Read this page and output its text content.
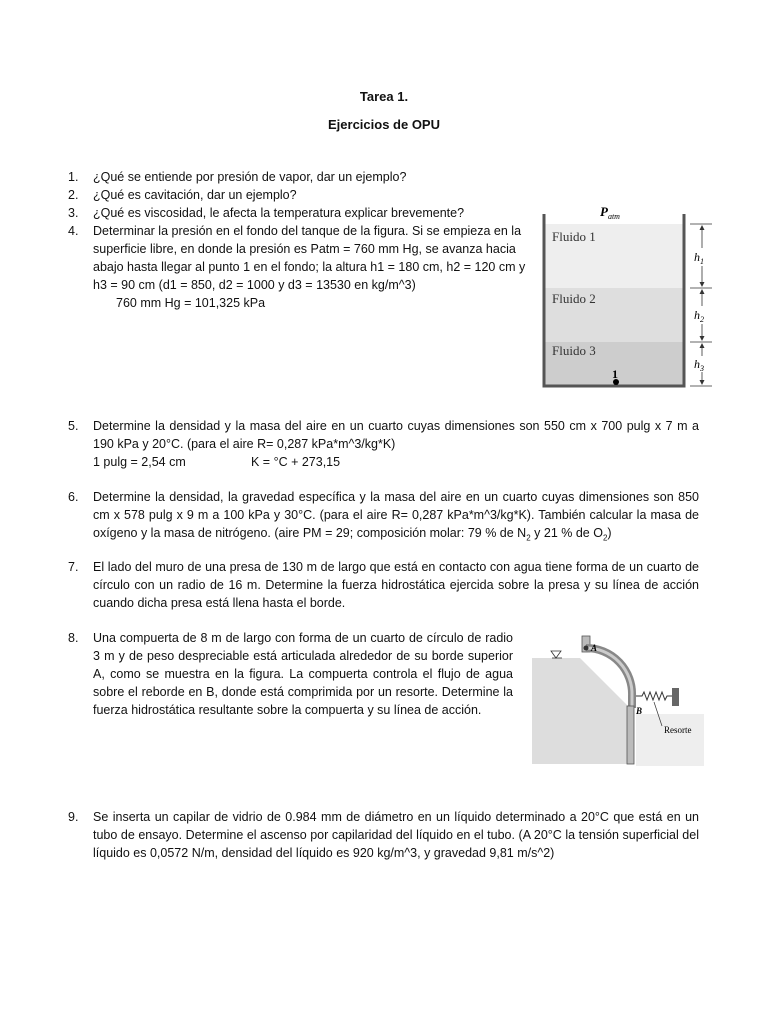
Tarea 1.
Ejercicios de OPU
1. ¿Qué se entiende por presión de vapor, dar un ejemplo?
2. ¿Qué es cavitación, dar un ejemplo?
3. ¿Qué es viscosidad, le afecta la temperatura explicar brevemente?
4. Determinar la presión en el fondo del tanque de la figura. Si se empieza en la superficie libre, en donde la presión es Patm = 760 mm Hg, se avanza hacia abajo hasta llegar al punto 1 en el fondo; la altura h1 = 180 cm, h2 = 120 cm y h3 = 90 cm (d1 = 850, d2 = 1000 y d3 = 13530 en kg/m^3)
760 mm Hg = 101,325 kPa
$P_{atm}$
Fluido 1
Fluido 2
Fluido 3
1
$h_1$
$h_2$
$h_3$
5. Determine la densidad y la masa del aire en un cuarto cuyas dimensiones son 550 cm x 700 pulg x 7 m a 190 kPa y 20°C. (para el aire R= 0,287 kPa*m^3/kg*K)
1 pulg = 2,54 cm	K = °C + 273,15
6. Determine la densidad, la gravedad específica y la masa del aire en un cuarto cuyas dimensiones son 850 cm x 578 pulg x 9 m a 100 kPa y 30°C. (para el aire R= 0,287 kPa*m^3/kg*K). También calcular la masa de oxígeno y la masa de nitrógeno. (aire PM = 29; composición molar: 79 % de $N_2$ y 21 % de $O_2$)
7. El lado del muro de una presa de 130 m de largo que está en contacto con agua tiene forma de un cuarto de círculo con un radio de 16 m. Determine la fuerza hidrostática ejercida sobre la presa y su línea de acción cuando dicha presa está llena hasta el borde.
8. Una compuerta de 8 m de largo con forma de un cuarto de círculo de radio 3 m y de peso despreciable está articulada alrededor de su borde superior A, como se muestra en la figura. La compuerta controla el flujo de agua sobre el reborde en B, donde está comprimida por un resorte. Determine la fuerza hidrostática resultante sobre la compuerta y su línea de acción.
A
B
Resorte
9. Se inserta un capilar de vidrio de 0.984 mm de diámetro en un líquido determinado a 20°C que está en un tubo de ensayo. Determine el ascenso por capilaridad del líquido en el tubo. (A 20°C la tensión superficial del líquido es 0,0572 N/m, densidad del líquido es 920 kg/m^3, y gravedad 9,81 m/s^2)
